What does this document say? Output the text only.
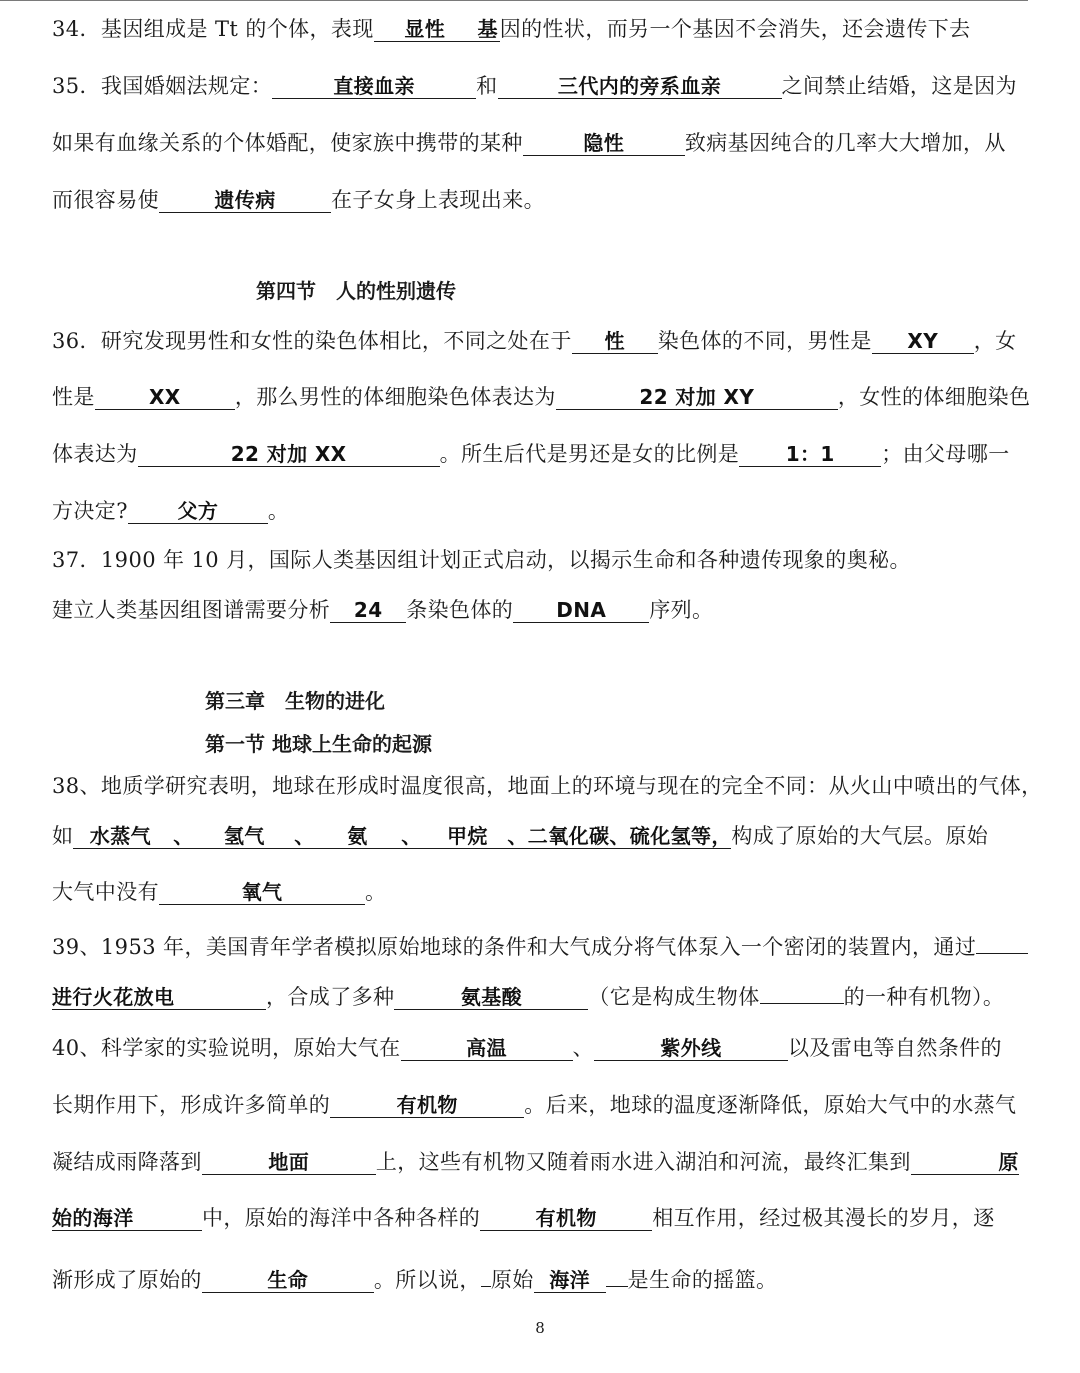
34．基因组成是 Tt 的个体，表现 显性 基因的性状，而另一个基因不会消失，还会遗传下去
35．我国婚姻法规定：	直接血亲	和	三代内的旁系血亲	之间禁止结婚，这是因为
如果有血缘关系的个体婚配，使家族中携带的某种	隐性	致病基因纯合的几率大大增加，从
而很容易使	遗传病	在子女身上表现出来。
第四节　人的性别遗传
36．研究发现男性和女性的染色体相比，不同之处在于 性 染色体的不同，男性是 XY ，女
性是	XX	，那么男性的体细胞染色体表达为	22 对加 XY	，女性的体细胞染色
体表达为	22 对加 XX	。所生后代是男还是女的比例是 1：1 ；由父母哪一
方决定? 父方 。
37．1900 年 10 月，国际人类基因组计划正式启动，以揭示生命和各种遗传现象的奥秘。
建立人类基因组图谱需要分析 24 条染色体的 DNA 序列。
第三章　生物的进化
第一节 地球上生命的起源
38、地质学研究表明，地球在形成时温度很高，地面上的环境与现在的完全不同：从火山中喷出的气体，
如 水蒸气 、 氢气 、 氨 、 甲烷 、二氧化碳、硫化氢等，构成了原始的大气层。原始
大气中没有	氧气	。
39、1953 年，美国青年学者模拟原始地球的条件和大气成分将气体泵入一个密闭的装置内，通过
进行火花放电	，合成了多种	氨基酸	（它是构成生物体	的一种有机物）。
40、科学家的实验说明，原始大气在	高温	、	紫外线	以及雷电等自然条件的
长期作用下，形成许多简单的	有机物	。后来，地球的温度逐渐降低，原始大气中的水蒸气
凝结成雨降落到	地面	上，这些有机物又随着雨水进入湖泊和河流，最终汇集到	原
始的海洋	中，原始的海洋中各种各样的	有机物	相互作用，经过极其漫长的岁月，逐
渐形成了原始的	生命	。所以说， 原始 海洋 是生命的摇篮。
8
